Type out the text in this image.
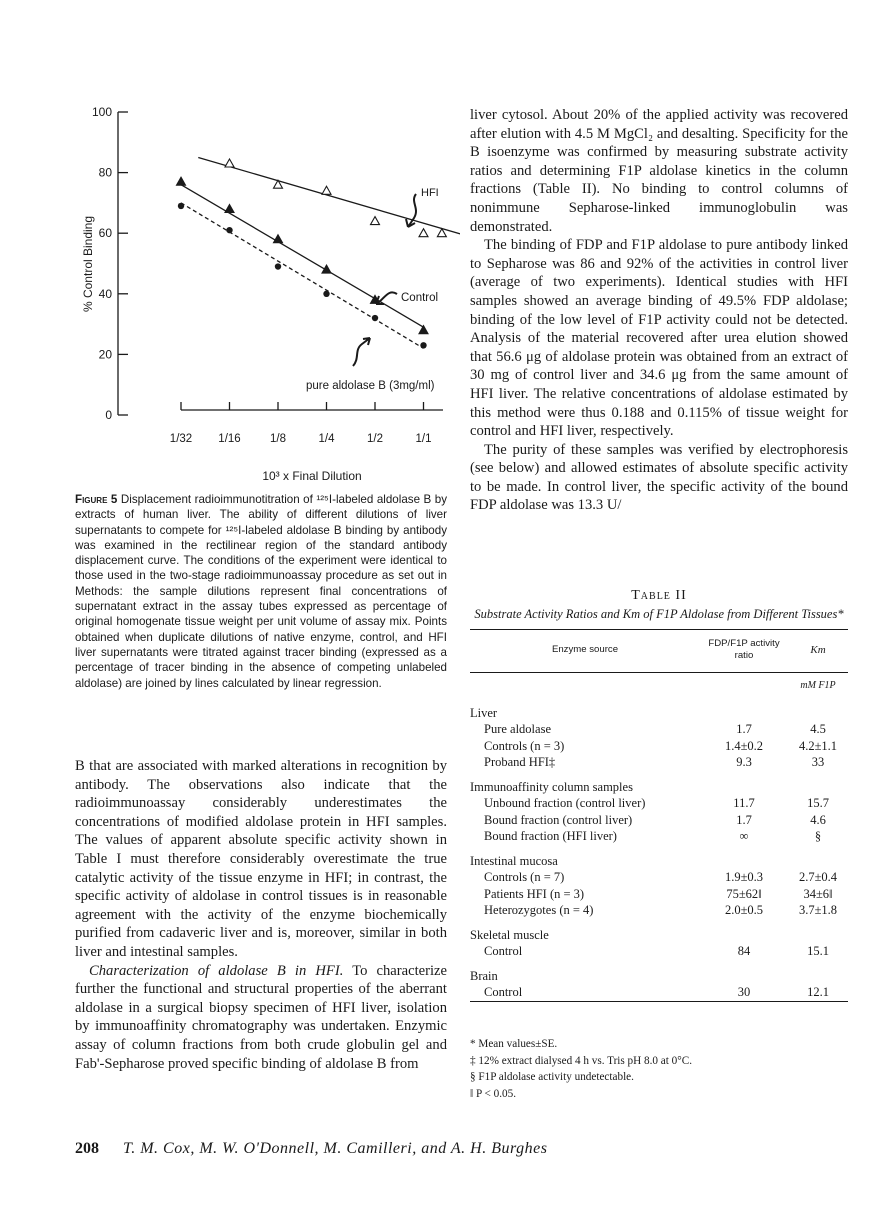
0
20
40
60
80
100
1/32 1/16	1/8	1/4	1/2	1/1
% Control Binding
10³ x Final Dilution
HFI
Control
pure aldolase B (3mg/ml)
Figure 5 Displacement radioimmunotitration of ¹²⁵I-labeled aldolase B by extracts of human liver. The ability of different dilutions of liver supernatants to compete for ¹²⁵I-labeled aldolase B binding by antibody was examined in the rectilinear region of the standard antibody displacement curve. The conditions of the experiment were identical to those used in the two-stage radioimmunoassay procedure as set out in Methods: the sample dilutions represent final concentrations of supernatant extract in the assay tubes expressed as percentage of original homogenate tissue weight per unit volume of assay mix. Points obtained when duplicate dilutions of native enzyme, control, and HFI liver supernatants were titrated against tracer binding (expressed as a percentage of tracer binding in the absence of competing unlabeled aldolase) are joined by lines calculated by linear regression.

B that are associated with marked alterations in recognition by antibody. The observations also indicate that the radioimmunoassay considerably underestimates the concentrations of modified aldolase protein in HFI samples. The values of apparent absolute specific activity shown in Table I must therefore considerably overestimate the true catalytic activity of the tissue enzyme in HFI; in contrast, the specific activity of aldolase in control tissues is in reasonable agreement with the activity of the enzyme biochemically purified from cadaveric liver and is, moreover, similar in both liver and intestinal samples.

Characterization of aldolase B in HFI. To characterize further the functional and structural properties of the aberrant aldolase in a surgical biopsy specimen of HFI liver, isolation by immunoaffinity chromatography was undertaken. Enzymic assay of column fractions from both crude globulin gel and Fab'-Sepharose proved specific binding of aldolase B from

liver cytosol. About 20% of the applied activity was recovered after elution with 4.5 M MgCl₂ and desalting. Specificity for the B isoenzyme was confirmed by measuring substrate activity ratios and determining F1P aldolase kinetics in the column fractions (Table II). No binding to control columns of nonimmune Sepharose-linked immunoglobulin was demonstrated.

The binding of FDP and F1P aldolase to pure antibody linked to Sepharose was 86 and 92% of the activities in control liver (average of two experiments). Identical studies with HFI samples showed an average binding of 49.5% FDP aldolase; binding of the low level of F1P activity could not be detected. Analysis of the material recovered after urea elution showed that 56.6 μg of aldolase protein was obtained from an extract of 30 mg of control liver and 34.6 μg from the same amount of HFI liver. The relative concentrations of aldolase estimated by this method were thus 0.188 and 0.115% of tissue weight for control and HFI liver, respectively.

The purity of these samples was verified by electrophoresis (see below) and allowed estimates of absolute specific activity to be made. In control liver, the specific activity of the bound FDP aldolase was 13.3 U/

Table II
Substrate Activity Ratios and Km of F1P Aldolase from Different Tissues*
Enzyme source	FDP/F1P activity ratio	Km
		mM F1P
Liver		
Pure aldolase	1.7	4.5
Controls (n = 3)	1.4±0.2	4.2±1.1
Proband HFI‡	9.3	33
Immunoaffinity column samples		
Unbound fraction (control liver)	11.7	15.7
Bound fraction (control liver)	1.7	4.6
Bound fraction (HFI liver)	∞	§
Intestinal mucosa		
Controls (n = 7)	1.9±0.3	2.7±0.4
Patients HFI (n = 3)	75±62‖	34±6‖
Heterozygotes (n = 4)	2.0±0.5	3.7±1.8
Skeletal muscle		
Control	84	15.1
Brain		
Control	30	12.1
* Mean values±SE.
‡ 12% extract dialysed 4 h vs. Tris pH 8.0 at 0°C.
§ F1P aldolase activity undetectable.
‖ P < 0.05.
208 T. M. Cox, M. W. O'Donnell, M. Camilleri, and A. H. Burghes
